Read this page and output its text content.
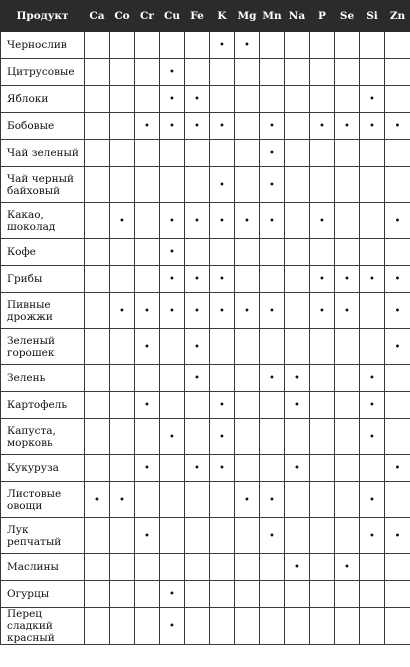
Продукт	Ca	Co	Cr	Cu	Fe	K	Mg	Mn	Na	P	Se	Si	Zn
Чернослив						•	•						
Цитрусовые				•									
Яблоки				•	•							•	
Бобовые			•	•	•	•		•		•	•	•	•
Чай зеленый								•					
Чай черный байховый						•		•					
Какао, шоколад		•		•	•	•	•	•		•			•
Кофе				•									
Грибы				•	•	•				•	•	•	•
Пивные дрожжи		•	•	•	•	•	•	•		•	•		•
Зеленый горошек			•		•								•
Зелень					•			•	•			•	
Картофель			•			•			•			•	
Капуста, морковь				•		•						•	
Кукуруза			•		•	•			•				•
Листовые овощи	•	•					•	•				•	
Лук репчатый			•					•				•	•
Маслины									•		•		
Огурцы				•									
Перец сладкий красный				•									
